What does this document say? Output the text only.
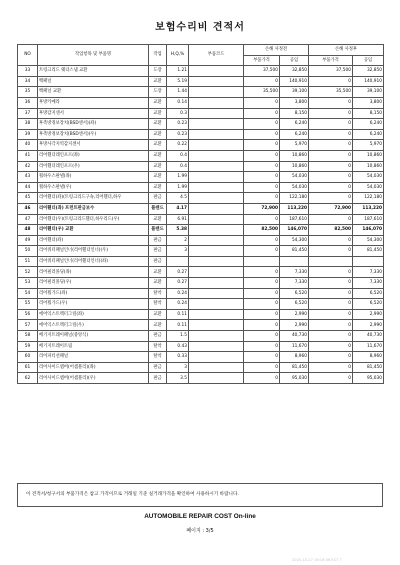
보험수리비 견적서
NO	작업항목 및 부품명	작업	H,Q,%	부품코드	손해 사정전		손해 사정후	
					부품가격	공임	부품가격	공임
33	트렁크리드 웨더스냅 교환	도장	1.21		37,500	32,850	37,500	32,850
34	백패널	교환	5.19		0	140,910	0	140,910
35	백패널 교환	도장	1.44		35,500	39,100	35,500	39,100
36	후방카메라	교환	0.14		0	3,800	0	3,800
37	후방감지센서	교환	0.3		0	8,150	0	8,150
38	후측방경보장치(BSD센서)(좌)	교환	0.23		0	6,240	0	6,240
39	후측방경보장치(BSD센서)(우)	교환	0.23		0	6,240	0	6,240
40	후방사각지역감지센서	교환	0.22		0	5,970	0	5,970
41	리어휀더레인포르(좌)	교환	0.4		0	10,860	0	10,860
42	리어휀더레인포르(우)	교환	0.4		0	10,860	0	10,860
43	휠하우스판넬(좌)	교환	1.99		0	54,030	0	54,030
44	휠하우스판넬(우)	교환	1.99		0	54,030	0	54,030
45	리어휀더(좌)(트렁크리드구속,리어휀더,하우	판금	4.5		0	122,180	0	122,180
46	리어휀더(좌) 프런트판금보수	플랜드	4.17		72,900	113,220	72,900	113,220
47	리어휀더(우)(트렁크리드휀더,하우리드(우)	교환	6.91		0	187,610	0	187,610
48	리어휀더(우) 교환	플랜드	5.38		82,500	146,070	82,500	146,070
49	리어휀더(좌)	판금	2		0	54,300	0	54,300
50	리어쿼터패널인너(리어휀더인너)(우)	판금	3		0	81,450	0	81,450
51	리어쿼터패널인너(리어휀더인너)(좌)	판금						
52	리어필러몰딩(좌)	교환	0.27		0	7,330	0	7,330
53	리어필러몰딩(우)	교환	0.27		0	7,330	0	7,330
54	리어휠가드(좌)	탈착	0.24		0	6,520	0	6,520
55	리어휠가드(우)	탈착	0.24		0	6,520	0	6,520
56	에어익스트렉터그릴(좌)	교환	0.11		0	2,990	0	2,990
57	에어익스트렉터그릴(우)	교환	0.11		0	2,990	0	2,990
58	배기지트레이패널(중앙식)	판금	1.5		0	40,730	0	40,730
59	배기지트레이트림	탈착	0.43		0	11,670	0	11,670
60	리어파티션패널	탈착	0.33		0	8,960	0	8,960
61	리어사이드멤버(어셈블리)(좌)	판금	3		0	81,450	0	81,450
62	리어사이드멤버(어셈블리)(우)	판금	3.5		0	95,030	0	95,030
이 견적서/청구서의 부품가격은 참고 가격이므로 거래일 기준 실거래가격을 확인하여 사용하시기 바랍니다.
AUTOMOBILE REPAIR COST On-line
페이지 : 3/5
2020-10-27 16:16:36 KST 7
